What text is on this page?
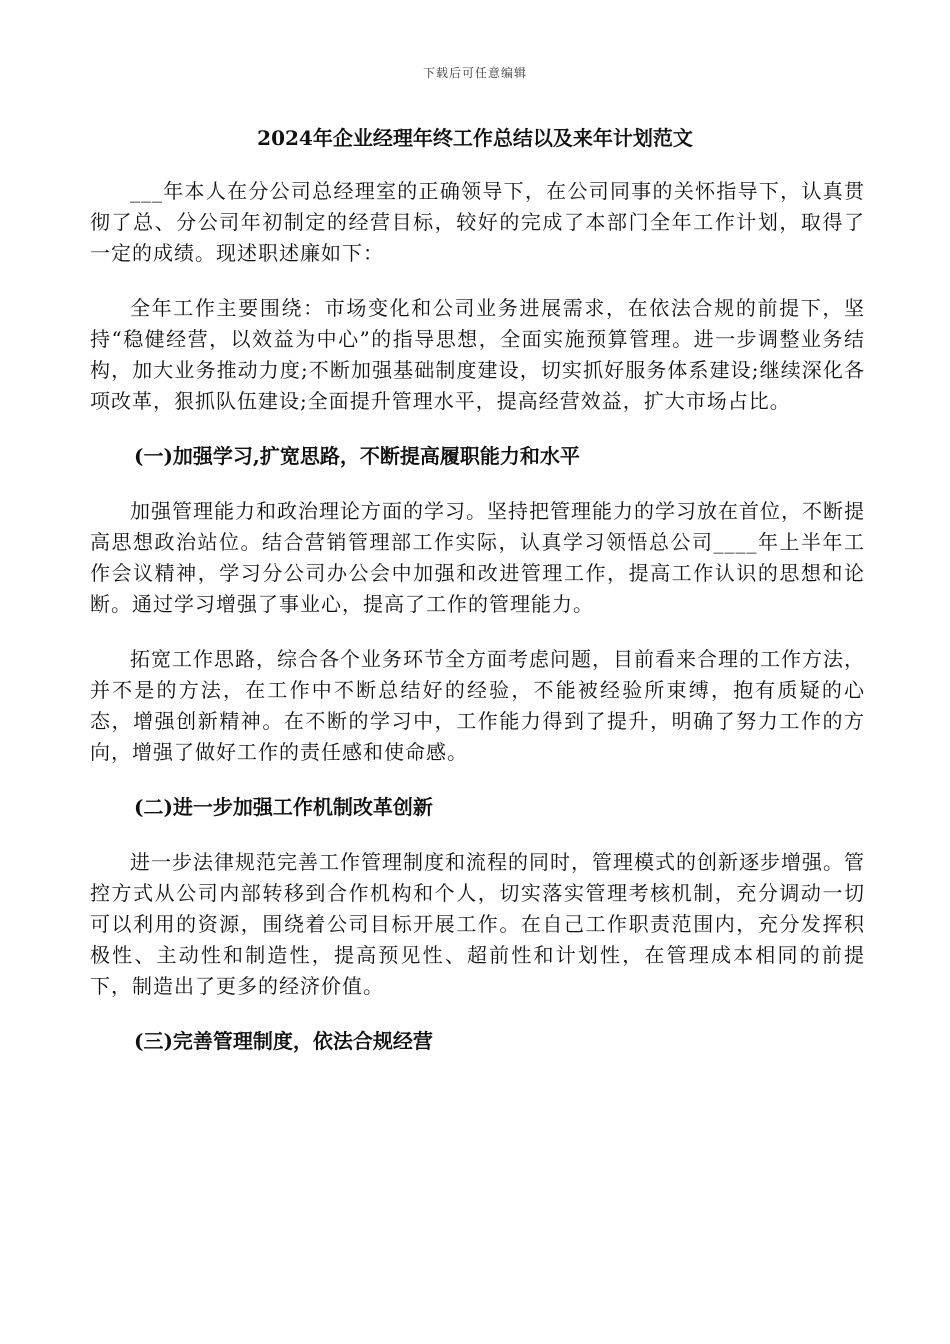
下载后可任意编辑
2024年企业经理年终工作总结以及来年计划范文

___年本人在分公司总经理室的正确领导下，在公司同事的关怀指导下，认真贯彻了总、分公司年初制定的经营目标，较好的完成了本部门全年工作计划，取得了一定的成绩。现述职述廉如下：

全年工作主要围绕：市场变化和公司业务进展需求，在依法合规的前提下，坚持“稳健经营，以效益为中心”的指导思想，全面实施预算管理。进一步调整业务结构，加大业务推动力度;不断加强基础制度建设，切实抓好服务体系建设;继续深化各项改革，狠抓队伍建设;全面提升管理水平，提高经营效益，扩大市场占比。

(一)加强学习,扩宽思路，不断提高履职能力和水平

加强管理能力和政治理论方面的学习。坚持把管理能力的学习放在首位，不断提高思想政治站位。结合营销管理部工作实际，认真学习领悟总公司____年上半年工作会议精神，学习分公司办公会中加强和改进管理工作，提高工作认识的思想和论断。通过学习增强了事业心，提高了工作的管理能力。

拓宽工作思路，综合各个业务环节全方面考虑问题，目前看来合理的工作方法，并不是的方法，在工作中不断总结好的经验，不能被经验所束缚，抱有质疑的心态，增强创新精神。在不断的学习中，工作能力得到了提升，明确了努力工作的方向，增强了做好工作的责任感和使命感。

(二)进一步加强工作机制改革创新

进一步法律规范完善工作管理制度和流程的同时，管理模式的创新逐步增强。管控方式从公司内部转移到合作机构和个人，切实落实管理考核机制，充分调动一切可以利用的资源，围绕着公司目标开展工作。在自己工作职责范围内，充分发挥积极性、主动性和制造性，提高预见性、超前性和计划性，在管理成本相同的前提下，制造出了更多的经济价值。

(三)完善管理制度，依法合规经营
